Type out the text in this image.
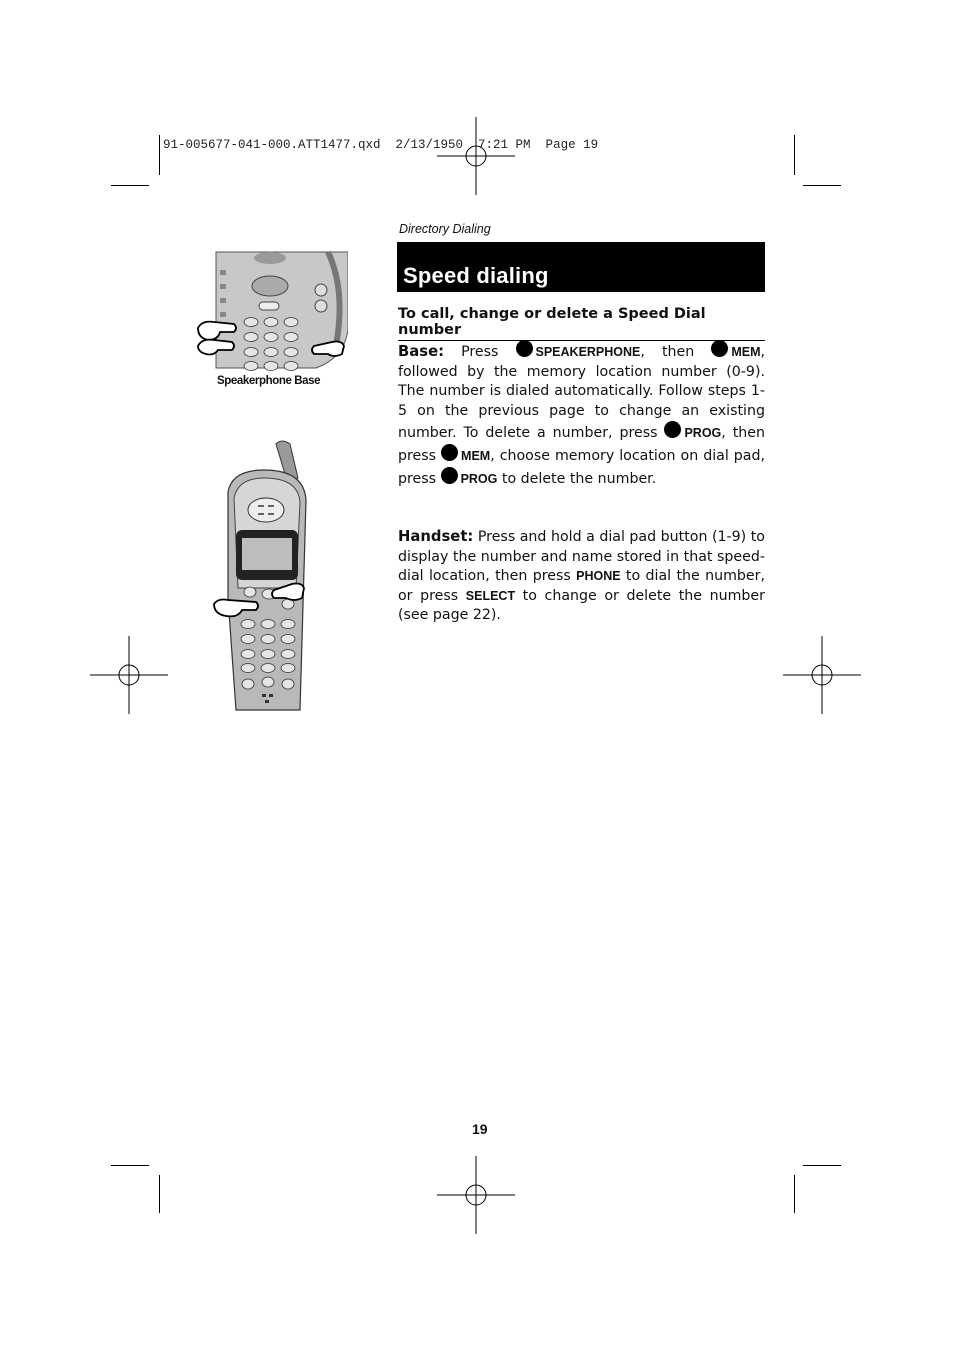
91-005677-041-000.ATT1477.qxd  2/13/1950  7:21 PM  Page 19
Directory Dialing
Speed dialing
To call, change or delete a Speed Dial number
Base: Press SPEAKERPHONE, then MEM, followed by the memory location number (0-9). The number is dialed automatically. Follow steps 1-5 on the previous page to change an existing number. To delete a number, press PROG, then press MEM, choose memory location on dial pad, press PROG to delete the number.
Handset: Press and hold a dial pad button (1-9) to display the number and name stored in that speed-dial location, then press PHONE to dial the number, or press SELECT to change or delete the number (see page 22).
Speakerphone Base
19
